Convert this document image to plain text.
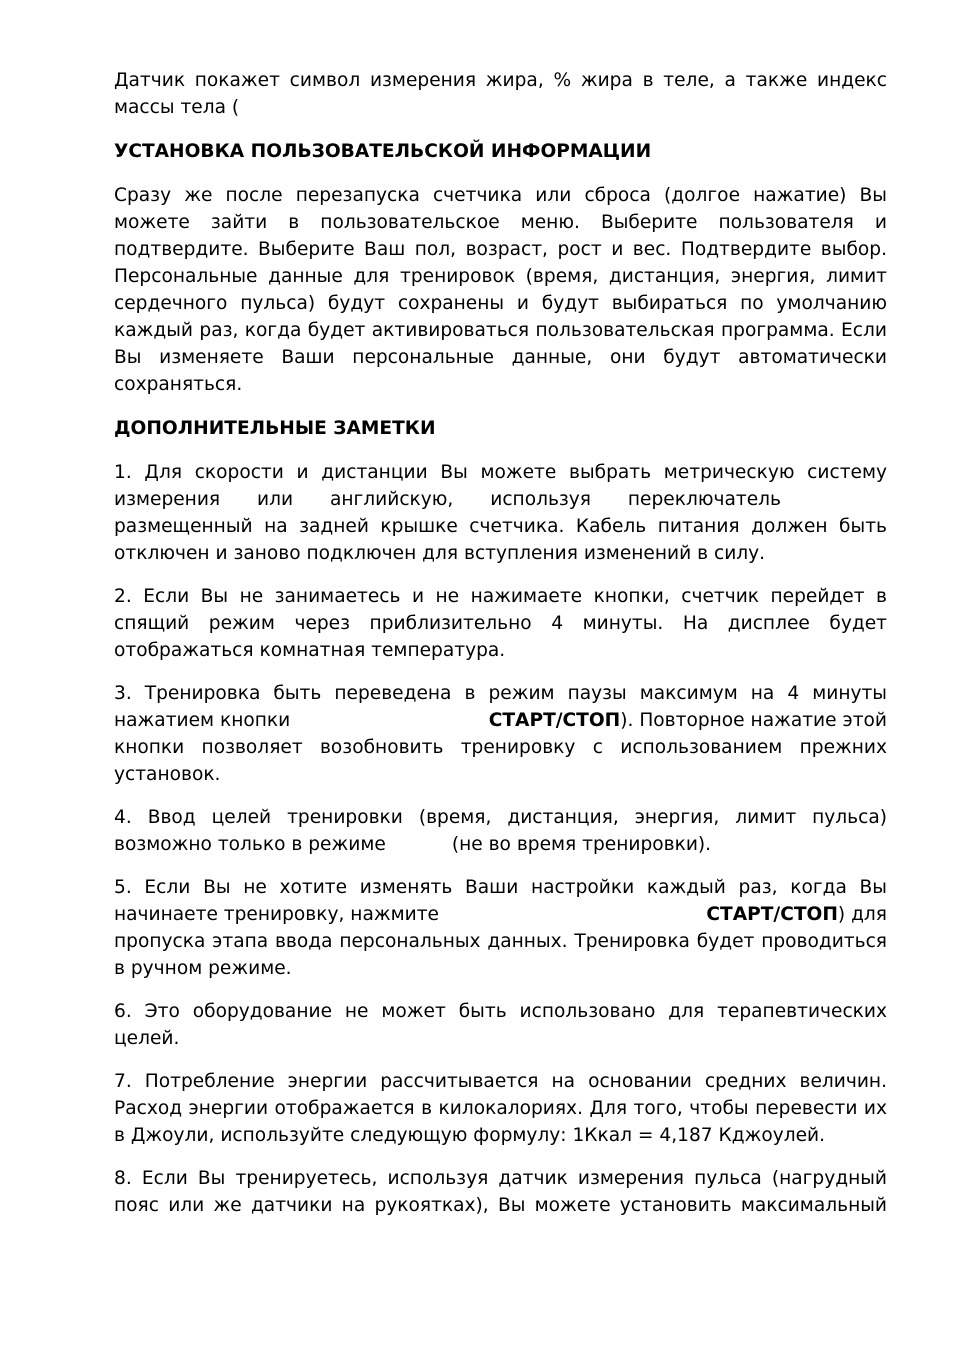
Датчик покажет символ измерения жира, % жира в теле, а также индекс массы тела (

УСТАНОВКА ПОЛЬЗОВАТЕЛЬСКОЙ ИНФОРМАЦИИ

Сразу же после перезапуска счетчика или сброса (долгое нажатие) Вы можете зайти в пользовательское меню. Выберите пользователя и подтвердите. Выберите Ваш пол, возраст, рост и вес. Подтвердите выбор. Персональные данные для тренировок (время, дистанция, энергия, лимит сердечного пульса) будут сохранены и будут выбираться по умолчанию каждый раз, когда будет активироваться пользовательская программа. Если Вы изменяете Ваши персональные данные, они будут автоматически сохраняться.

ДОПОЛНИТЕЛЬНЫЕ ЗАМЕТКИ

1. Для скорости и дистанции Вы можете выбрать метрическую систему

измерения или английскую, используя переключатель

размещенный на задней крышке счетчика. Кабель питания должен быть отключен и заново подключен для вступления изменений в силу.

2. Если Вы не занимаетесь и не нажимаете кнопки, счетчик перейдет в спящий режим через приблизительно 4 минуты. На дисплее будет отображаться комнатная температура.

3. Тренировка быть переведена в режим паузы максимум на 4 минуты

нажатием кнопки	СТАРТ/СТОП). Повторное нажатие этой

кнопки позволяет возобновить тренировку с использованием прежних установок.

4. Ввод целей тренировки (время, дистанция, энергия, лимит пульса)

возможно только в режиме	(не во время тренировки).

5. Если Вы не хотите изменять Ваши настройки каждый раз, когда Вы

начинаете тренировку, нажмите	СТАРТ/СТОП) для

пропуска этапа ввода персональных данных. Тренировка будет проводиться в ручном режиме.

6. Это оборудование не может быть использовано для терапевтических целей.

7. Потребление энергии рассчитывается на основании средних величин. Расход энергии отображается в килокалориях. Для того, чтобы перевести их в Джоули, используйте следующую формулу: 1Ккал = 4,187 Кджоулей.

8. Если Вы тренируетесь, используя датчик измерения пульса (нагрудный пояс или же датчики на рукоятках), Вы можете установить максимальный
